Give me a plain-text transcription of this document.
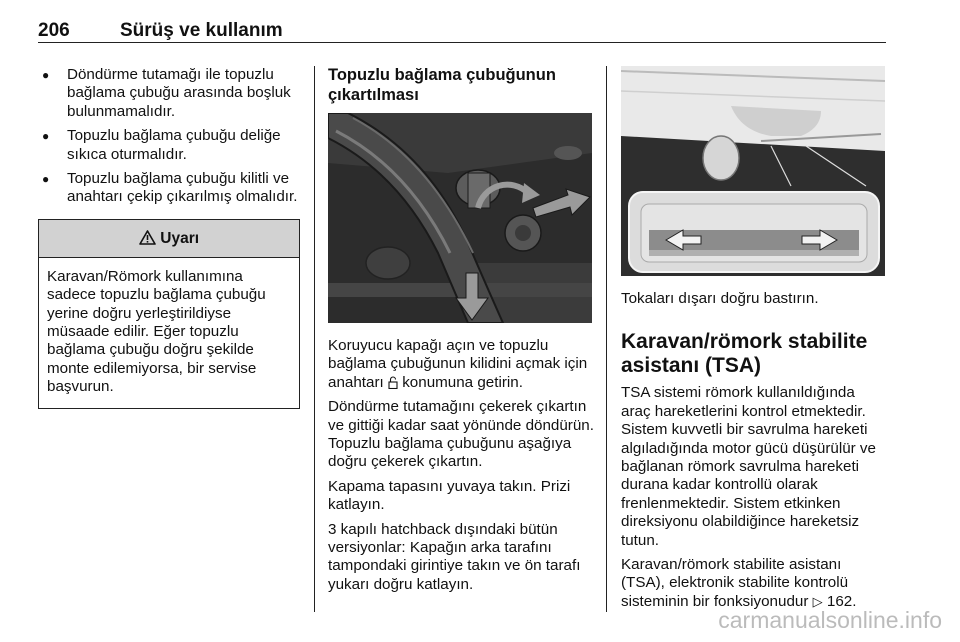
206	Sürüş ve kullanım
● Döndürme tutamağı ile topuzlu bağlama çubuğu arasında boşluk bulunmamalıdır.
● Topuzlu bağlama çubuğu deliğe sıkıca oturmalıdır.
● Topuzlu bağlama çubuğu kilitli ve anahtarı çekip çıkarılmış olmalıdır.
Uyarı
Karavan/Römork kullanımına sadece topuzlu bağlama çubuğu yerine doğru yerleştirildiyse müsaade edilir. Eğer topuzlu bağlama çubuğu doğru şekilde monte edilemiyorsa, bir servise başvurun.
Topuzlu bağlama çubuğunun çıkartılması

Koruyucu kapağı açın ve topuzlu bağlama çubuğunun kilidini açmak için anahtarı konumuna getirin.

Döndürme tutamağını çekerek çıkartın ve gittiği kadar saat yönünde döndürün. Topuzlu bağlama çubuğunu aşağıya doğru çekerek çıkartın.

Kapama tapasını yuvaya takın. Prizi katlayın.

3 kapılı hatchback dışındaki bütün versiyonlar: Kapağın arka tarafını tampondaki girintiye takın ve ön tarafı yukarı doğru katlayın.

Tokaları dışarı doğru bastırın.

Karavan/römork stabilite asistanı (TSA)

TSA sistemi römork kullanıldığında araç hareketlerini kontrol etmektedir. Sistem kuvvetli bir savrulma hareketi algıladığında motor gücü düşürülür ve bağlanan römork savrulma hareketi durana kadar kontrollü olarak frenlenmektedir. Sistem etkinken direksiyonu olabildiğince hareketsiz tutun.

Karavan/römork stabilite asistanı (TSA), elektronik stabilite kontrolü sisteminin bir fonksiyonudur ▷ 162.

carmanualsonline.info
